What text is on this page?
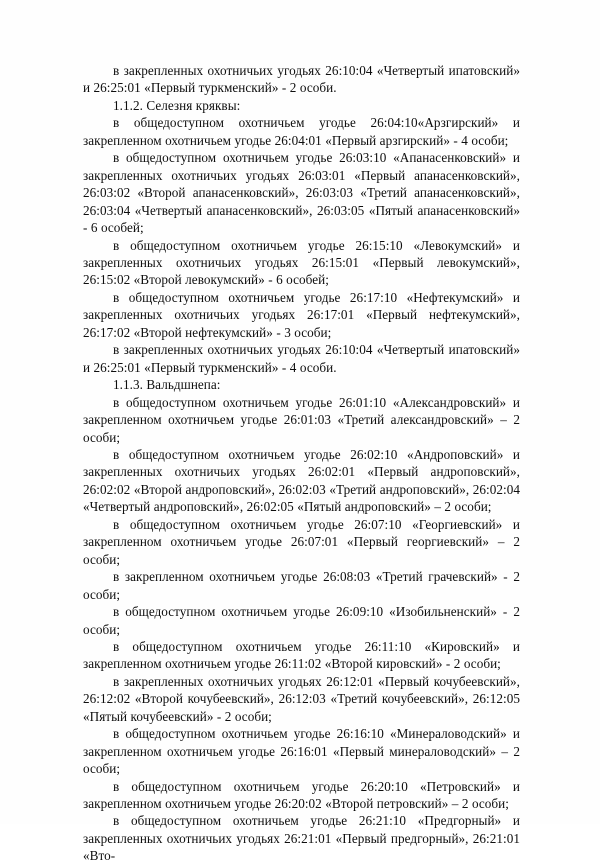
в закрепленных охотничьих угодьях 26:10:04 «Четвертый ипатовский» и 26:25:01 «Первый туркменский» - 2 особи.

1.1.2. Селезня кряквы:

в общедоступном охотничьем угодье 26:04:10«Арзгирский» и закрепленном охотничьем угодье 26:04:01 «Первый арзгирский» - 4 особи;

в общедоступном охотничьем угодье 26:03:10 «Апанасенковский» и закрепленных охотничьих угодьях 26:03:01 «Первый апанасенковский», 26:03:02 «Второй апанасенковский», 26:03:03 «Третий апанасенковский», 26:03:04 «Четвертый апанасенковский», 26:03:05 «Пятый апанасенковский» - 6 особей;

в общедоступном охотничьем угодье 26:15:10 «Левокумский» и закрепленных охотничьих угодьях 26:15:01 «Первый левокумский», 26:15:02 «Второй левокумский» - 6 особей;

в общедоступном охотничьем угодье 26:17:10 «Нефтекумский» и закрепленных охотничьих угодьях 26:17:01 «Первый нефтекумский», 26:17:02 «Второй нефтекумский» - 3 особи;

в закрепленных охотничьих угодьях 26:10:04 «Четвертый ипатовский» и 26:25:01 «Первый туркменский» - 4 особи.

1.1.3. Вальдшнепа:

в общедоступном охотничьем угодье 26:01:10 «Александровский» и закрепленном охотничьем угодье 26:01:03 «Третий александровский» – 2 особи;

в общедоступном охотничьем угодье 26:02:10 «Андроповский» и закрепленных охотничьих угодьях 26:02:01 «Первый андроповский», 26:02:02 «Второй андроповский», 26:02:03 «Третий андроповский», 26:02:04 «Четвертый андроповский», 26:02:05 «Пятый андроповский» – 2 особи;

в общедоступном охотничьем угодье 26:07:10 «Георгиевский» и закрепленном охотничьем угодье 26:07:01 «Первый георгиевский» – 2 особи;

в закрепленном охотничьем угодье 26:08:03 «Третий грачевский» - 2 особи;

в общедоступном охотничьем угодье 26:09:10 «Изобильненский» - 2 особи;

в общедоступном охотничьем угодье 26:11:10 «Кировский» и закрепленном охотничьем угодье 26:11:02 «Второй кировский» - 2 особи;

в закрепленных охотничьих угодьях 26:12:01 «Первый кочубеевский», 26:12:02 «Второй кочубеевский», 26:12:03 «Третий кочубеевский», 26:12:05 «Пятый кочубеевский» - 2 особи;

в общедоступном охотничьем угодье 26:16:10 «Минераловодский» и закрепленном охотничьем угодье 26:16:01 «Первый минераловодский» – 2 особи;

в общедоступном охотничьем угодье 26:20:10 «Петровский» и закрепленном охотничьем угодье 26:20:02 «Второй петровский» – 2 особи;

в общедоступном охотничьем угодье 26:21:10 «Предгорный» и закрепленных охотничьих угодьях 26:21:01 «Первый предгорный», 26:21:01 «Вто-
